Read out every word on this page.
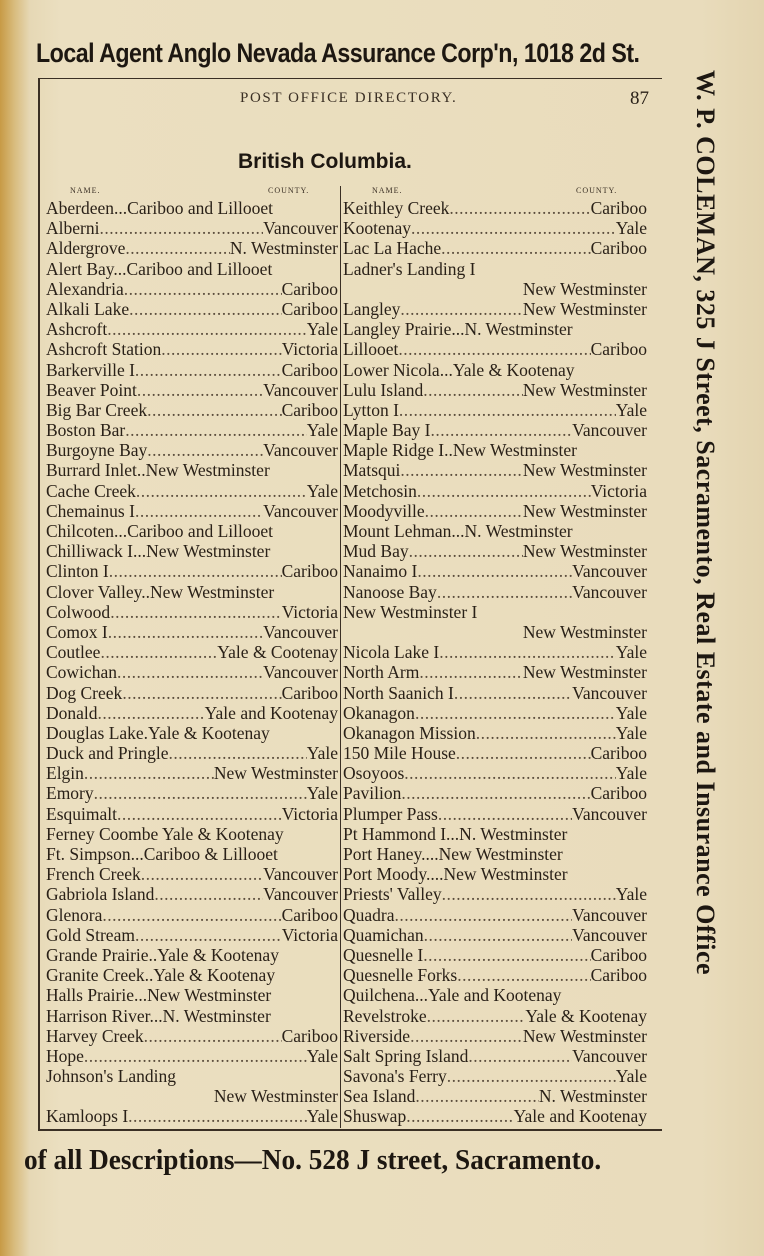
Local Agent Anglo Nevada Assurance Corp'n, 1018 2d St.
POST OFFICE DIRECTORY.	87
British Columbia.
NAME.	COUNTY.	NAME.	COUNTY.
Aberdeen...Cariboo and Lillooet
Alberni .....	Vancouver
Aldergrove .....	N. Westminster
Alert Bay...Cariboo and Lillooet
Alexandria .....	Cariboo
Alkali Lake .....	Cariboo
Ashcroft .....	Yale
Ashcroft Station .....	Victoria
Barkerville I .....	Cariboo
Beaver Point .....	Vancouver
Big Bar Creek .....	Cariboo
Boston Bar .....	Yale
Burgoyne Bay .....	Vancouver
Burrard Inlet..New Westminster
Cache Creek .....	Yale
Chemainus I .....	Vancouver
Chilcoten...Cariboo and Lillooet
Chilliwack I...New Westminster
Clinton I .....	Cariboo
Clover Valley..New Westminster
Colwood .....	Victoria
Comox I .....	Vancouver
Coutlee .....	Yale & Cootenay
Cowichan .....	Vancouver
Dog Creek .....	Cariboo
Donald .....	Yale and Kootenay
Douglas Lake.Yale & Kootenay
Duck and Pringle .....	Yale
Elgin .....	New Westminster
Emory .....	Yale
Esquimalt .....	Victoria
Ferney Coombe Yale & Kootenay
Ft. Simpson...Cariboo & Lillooet
French Creek .....	Vancouver
Gabriola Island .....	Vancouver
Glenora .....	Cariboo
Gold Stream .....	Victoria
Grande Prairie..Yale & Kootenay
Granite Creek..Yale & Kootenay
Halls Prairie...New Westminster
Harrison River...N. Westminster
Harvey Creek .....	Cariboo
Hope .....	Yale
Johnson's Landing
New Westminster
Kamloops I .....	Yale
Keithley Creek .....	Cariboo
Kootenay .....	Yale
Lac La Hache .....	Cariboo
Ladner's Landing I
New Westminster
Langley .....	New Westminster
Langley Prairie...N. Westminster
Lillooet .....	Cariboo
Lower Nicola...Yale & Kootenay
Lulu Island .....	New Westminster
Lytton I .....	Yale
Maple Bay I .....	Vancouver
Maple Ridge I..New Westminster
Matsqui .....	New Westminster
Metchosin .....	Victoria
Moodyville .....	New Westminster
Mount Lehman...N. Westminster
Mud Bay .....	New Westminster
Nanaimo I .....	Vancouver
Nanoose Bay .....	Vancouver
New Westminster I
New Westminster
Nicola Lake I .....	Yale
North Arm .....	New Westminster
North Saanich I .....	Vancouver
Okanagon .....	Yale
Okanagon Mission .....	Yale
150 Mile House .....	Cariboo
Osoyoos .....	Yale
Pavilion .....	Cariboo
Plumper Pass .....	Vancouver
Pt Hammond I...N. Westminster
Port Haney....New Westminster
Port Moody....New Westminster
Priests' Valley .....	Yale
Quadra .....	Vancouver
Quamichan .....	Vancouver
Quesnelle I .....	Cariboo
Quesnelle Forks .....	Cariboo
Quilchena...Yale and Kootenay
Revelstroke .....	Yale & Kootenay
Riverside .....	New Westminster
Salt Spring Island .....	Vancouver
Savona's Ferry .....	Yale
Sea Island .....	N. Westminster
Shuswap .....	Yale and Kootenay
W. P. COLEMAN, 325 J Street, Sacramento, Real Estate and Insurance Office
of all Descriptions—No. 528 J street, Sacramento.
